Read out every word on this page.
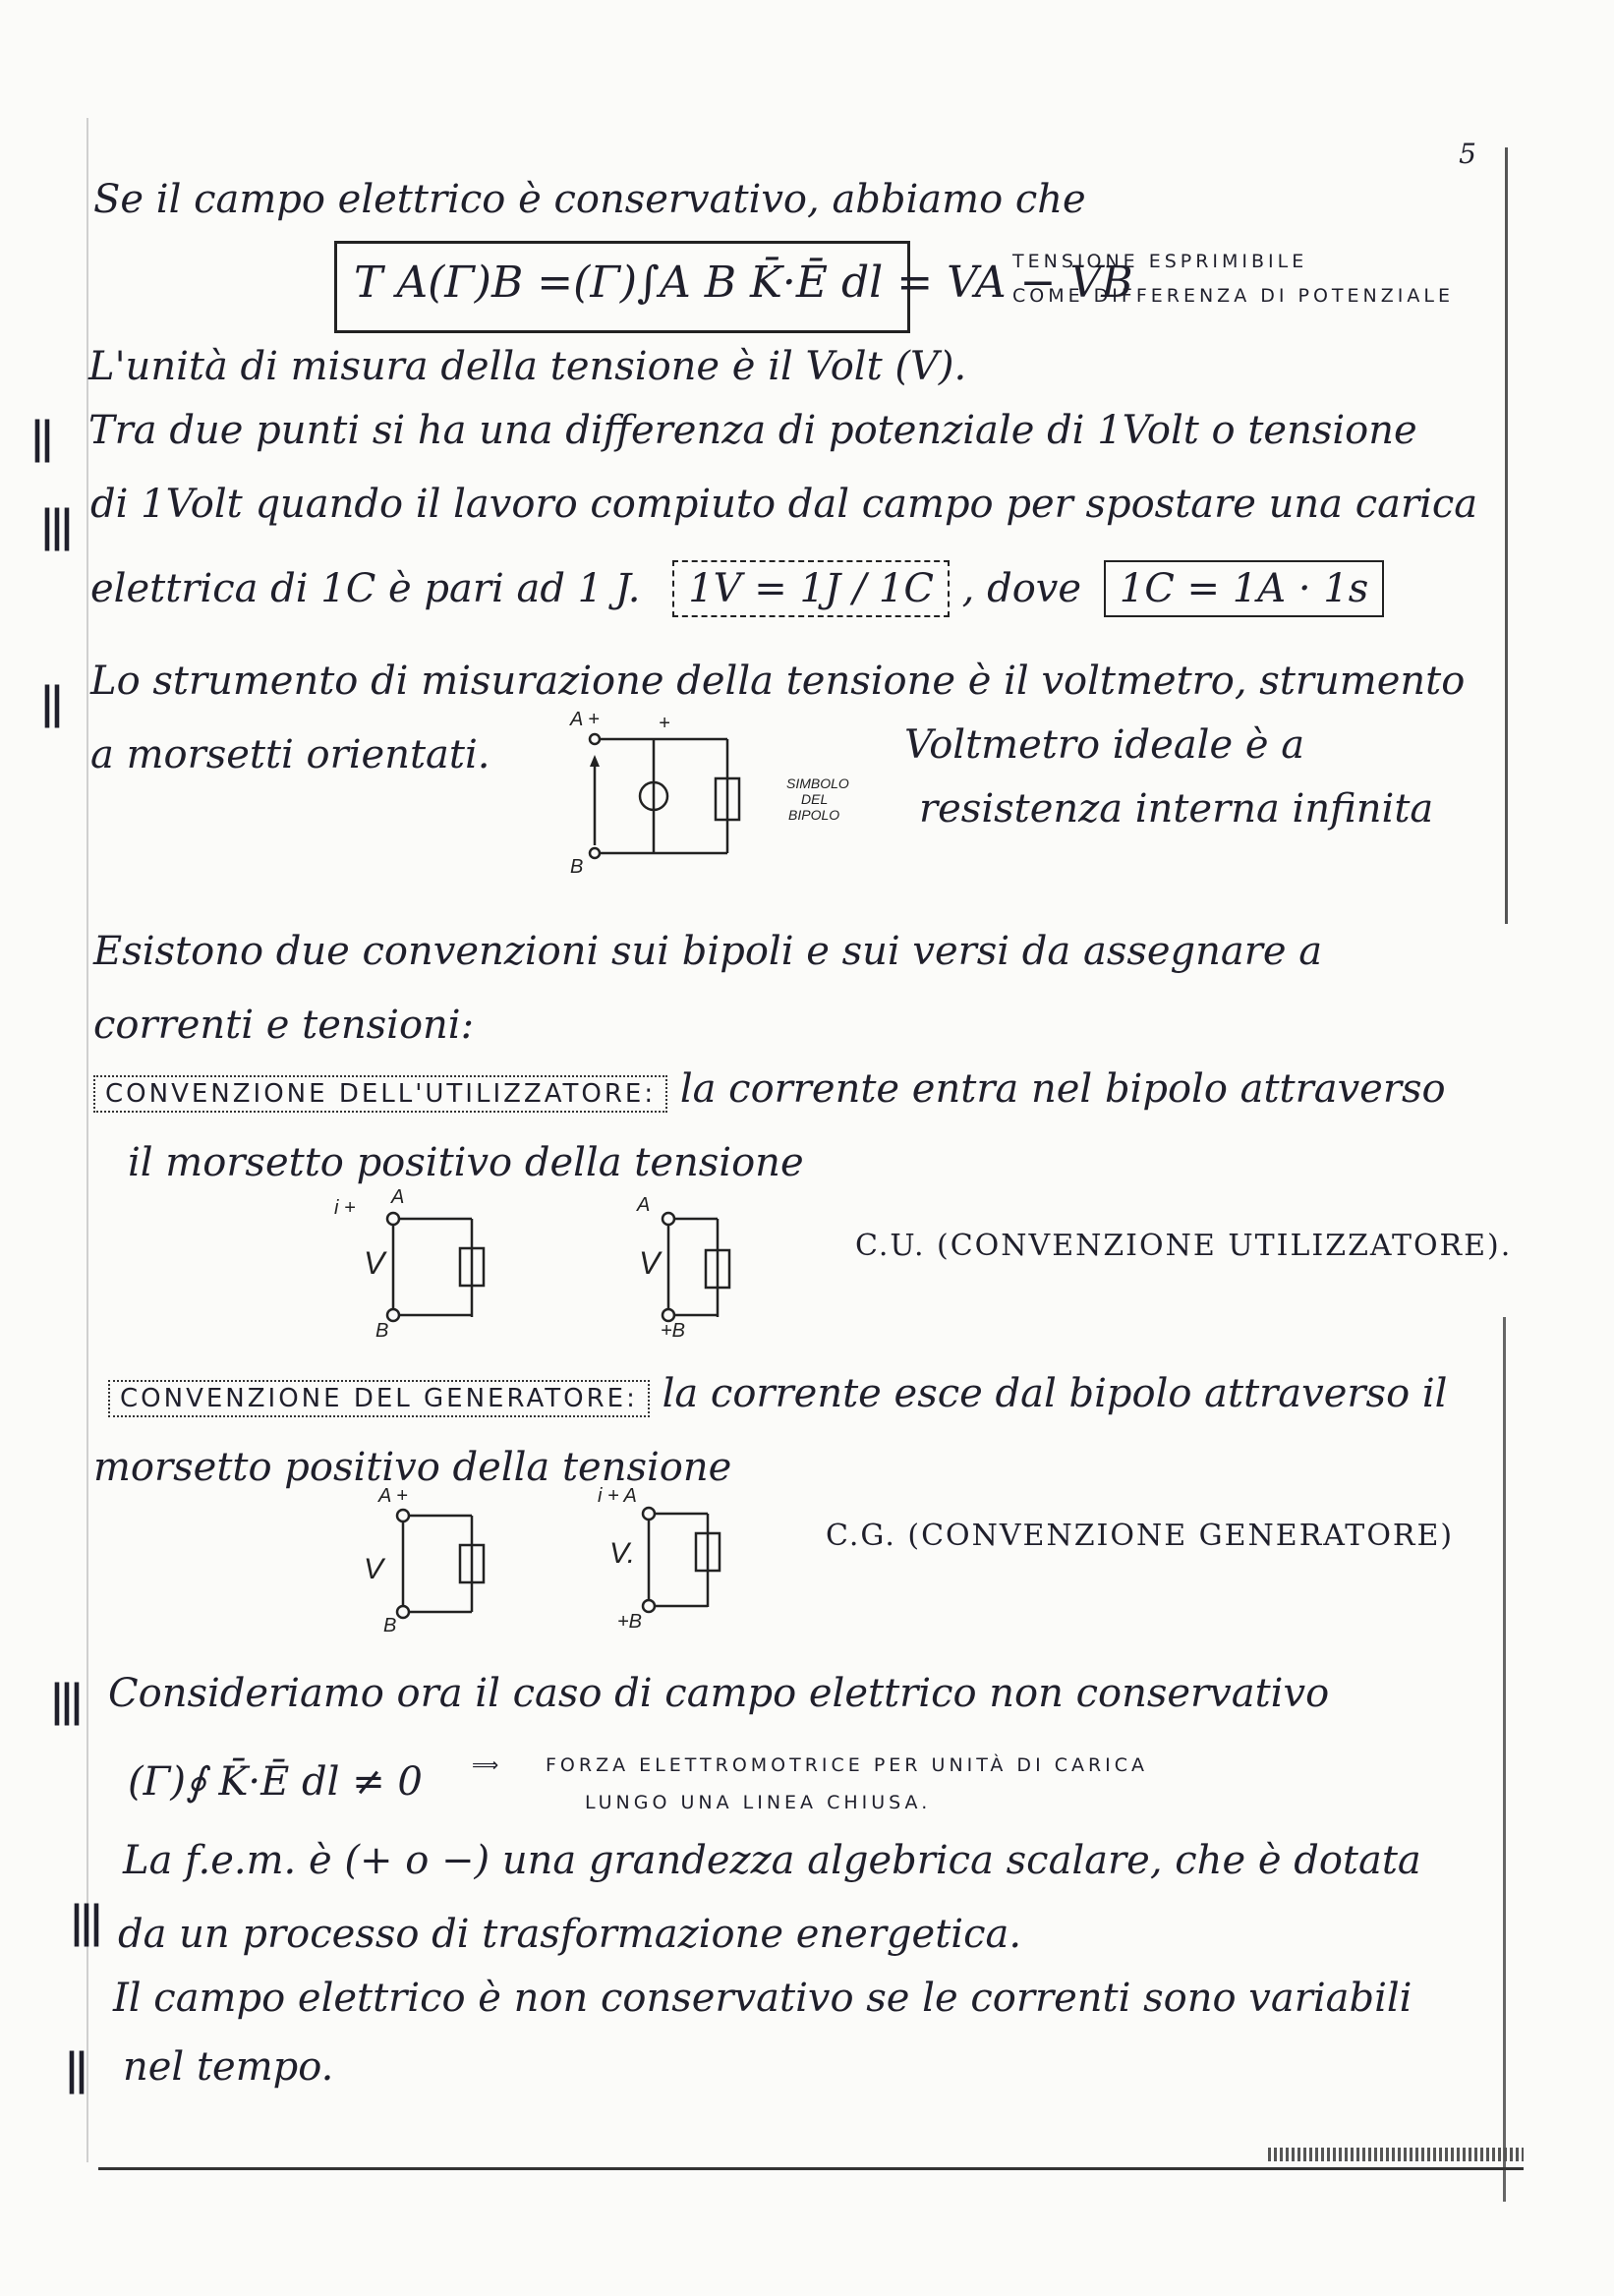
5
Se il campo elettrico è conservativo, abbiamo che
T A(Γ)B =(Γ)∫A B K̄·Ē dl = VA − VB
TENSIONE ESPRIMIBILE
COME DIFFERENZA DI POTENZIALE
L'unità di misura della tensione è il Volt (V).
|| Tra due punti si ha una differenza di potenziale di 1Volt o tensione
||| di 1Volt quando il lavoro compiuto dal campo per spostare una carica
elettrica di 1C è pari ad 1 J. 1V = 1J / 1C , dove 1C = 1A · 1s
|| Lo strumento di misurazione della tensione è il voltmetro, strumento
a morsetti orientati.	Voltmetro ideale è a
resistenza interna infinita
A +	+
B
SIMBOLO
DEL
BIPOLO
Esistono due convenzioni sui bipoli e sui versi da assegnare a
correnti e tensioni:
CONVENZIONE DELL'UTILIZZATORE: la corrente entra nel bipolo attraverso
il morsetto positivo della tensione
i + A
V
B
A
V
+B
C.U. (CONVENZIONE UTILIZZATORE).
CONVENZIONE DEL GENERATORE: la corrente esce dal bipolo attraverso il
morsetto positivo della tensione
A +
V
B
i + A
V.
+B
C.G. (CONVENZIONE GENERATORE)
||| Consideriamo ora il caso di campo elettrico non conservativo
(Γ)∮ K̄·Ē dl ≠ 0	⟹ FORZA ELETTROMOTRICE PER UNITÀ DI CARICA
LUNGO UNA LINEA CHIUSA.
La f.e.m. è (+ o −) una grandezza algebrica scalare, che è dotata
||| da un processo di trasformazione energetica.
Il campo elettrico è non conservativo se le correnti sono variabili
|| nel tempo.
